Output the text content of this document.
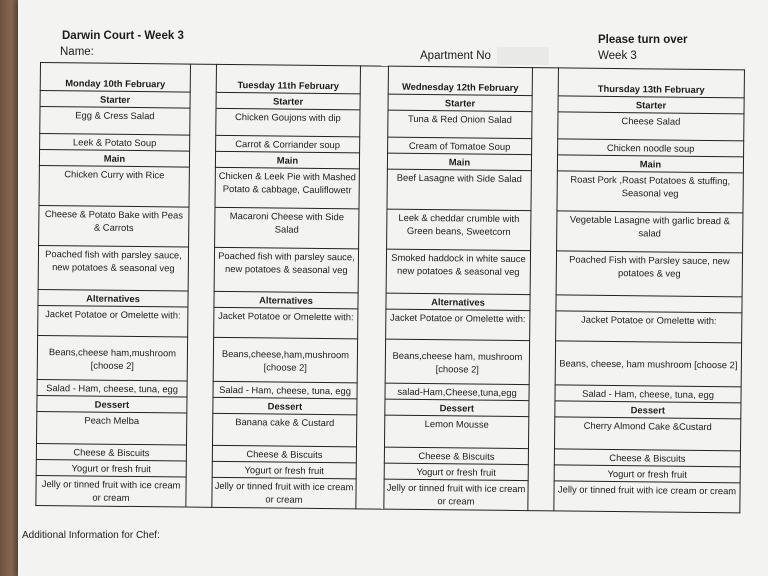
Darwin Court - Week 3
Name:	Apartment No
Please turn over
Week 3
Monday 10th February		Tuesday 11th February		Wednesday 12th February		Thursday 13th February
Starter		Starter		Starter		Starter
Egg & Cress Salad		Chicken Goujons with dip		Tuna & Red Onion Salad		Cheese Salad
Leek & Potato Soup		Carrot & Corriander soup		Cream of Tomatoe Soup		Chicken noodle soup
Main		Main		Main		Main
Chicken Curry with Rice		Chicken & Leek Pie with Mashed Potato & cabbage, Cauliflowetr		Beef Lasagne with Side Salad		Roast Pork ,Roast Potatoes & stuffing, Seasonal veg
Cheese & Potato Bake with Peas & Carrots		Macaroni Cheese with Side Salad		Leek & cheddar crumble with Green beans, Sweetcorn		Vegetable Lasagne with garlic bread & salad
Poached fish with parsley sauce, new potatoes & seasonal veg		Poached fish with parsley sauce, new potatoes & seasonal veg		Smoked haddock in white sauce new potatoes & seasonal veg		Poached Fish with Parsley sauce, new potatoes & veg
Alternatives		Alternatives		Alternatives		
Jacket Potatoe or Omelette with:		Jacket Potatoe or Omelette with:		Jacket Potatoe or Omelette with:		Jacket Potatoe or Omelette with:
Beans,cheese ham,mushroom [choose 2]		Beans,cheese,ham,mushroom [choose 2]		Beans,cheese ham, mushroom [choose 2]		Beans, cheese, ham mushroom [choose 2]
Salad - Ham, cheese, tuna, egg		Salad - Ham, cheese, tuna, egg		salad-Ham,Cheese,tuna,egg		Salad - Ham, cheese, tuna, egg
Dessert		Dessert		Dessert		Dessert
Peach Melba		Banana cake & Custard		Lemon Mousse		Cherry Almond Cake &Custard
Cheese & Biscuits		Cheese & Biscuits		Cheese & Biscuits		Cheese & Biscuits
Yogurt or fresh fruit		Yogurt or fresh fruit		Yogurt or fresh fruit		Yogurt or fresh fruit
Jelly or tinned fruit with ice cream or cream		Jelly or tinned fruit with ice cream or cream		Jelly or tinned fruit with ice cream or cream		Jelly or tinned fruit with ice cream or cream
Additional Information for Chef:
